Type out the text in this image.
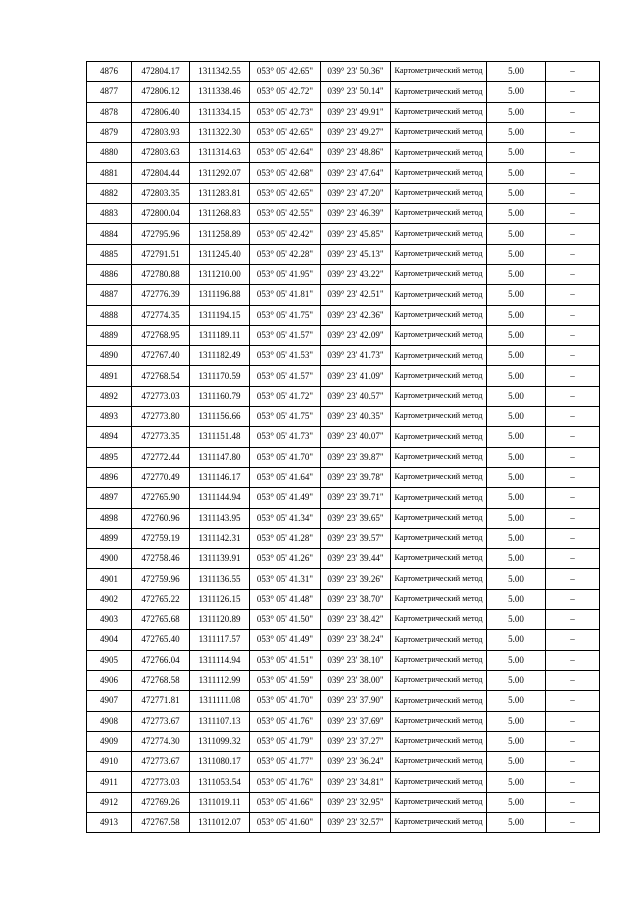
4876	472804.17	1311342.55	053° 05' 42.65"	039° 23' 50.36"	Картометрический метод	5.00	–
4877	472806.12	1311338.46	053° 05' 42.72"	039° 23' 50.14"	Картометрический метод	5.00	–
4878	472806.40	1311334.15	053° 05' 42.73"	039° 23' 49.91"	Картометрический метод	5.00	–
4879	472803.93	1311322.30	053° 05' 42.65"	039° 23' 49.27"	Картометрический метод	5.00	–
4880	472803.63	1311314.63	053° 05' 42.64"	039° 23' 48.86"	Картометрический метод	5.00	–
4881	472804.44	1311292.07	053° 05' 42.68"	039° 23' 47.64"	Картометрический метод	5.00	–
4882	472803.35	1311283.81	053° 05' 42.65"	039° 23' 47.20"	Картометрический метод	5.00	–
4883	472800.04	1311268.83	053° 05' 42.55"	039° 23' 46.39"	Картометрический метод	5.00	–
4884	472795.96	1311258.89	053° 05' 42.42"	039° 23' 45.85"	Картометрический метод	5.00	–
4885	472791.51	1311245.40	053° 05' 42.28"	039° 23' 45.13"	Картометрический метод	5.00	–
4886	472780.88	1311210.00	053° 05' 41.95"	039° 23' 43.22"	Картометрический метод	5.00	–
4887	472776.39	1311196.88	053° 05' 41.81"	039° 23' 42.51"	Картометрический метод	5.00	–
4888	472774.35	1311194.15	053° 05' 41.75"	039° 23' 42.36"	Картометрический метод	5.00	–
4889	472768.95	1311189.11	053° 05' 41.57"	039° 23' 42.09"	Картометрический метод	5.00	–
4890	472767.40	1311182.49	053° 05' 41.53"	039° 23' 41.73"	Картометрический метод	5.00	–
4891	472768.54	1311170.59	053° 05' 41.57"	039° 23' 41.09"	Картометрический метод	5.00	–
4892	472773.03	1311160.79	053° 05' 41.72"	039° 23' 40.57"	Картометрический метод	5.00	–
4893	472773.80	1311156.66	053° 05' 41.75"	039° 23' 40.35"	Картометрический метод	5.00	–
4894	472773.35	1311151.48	053° 05' 41.73"	039° 23' 40.07"	Картометрический метод	5.00	–
4895	472772.44	1311147.80	053° 05' 41.70"	039° 23' 39.87"	Картометрический метод	5.00	–
4896	472770.49	1311146.17	053° 05' 41.64"	039° 23' 39.78"	Картометрический метод	5.00	–
4897	472765.90	1311144.94	053° 05' 41.49"	039° 23' 39.71"	Картометрический метод	5.00	–
4898	472760.96	1311143.95	053° 05' 41.34"	039° 23' 39.65"	Картометрический метод	5.00	–
4899	472759.19	1311142.31	053° 05' 41.28"	039° 23' 39.57"	Картометрический метод	5.00	–
4900	472758.46	1311139.91	053° 05' 41.26"	039° 23' 39.44"	Картометрический метод	5.00	–
4901	472759.96	1311136.55	053° 05' 41.31"	039° 23' 39.26"	Картометрический метод	5.00	–
4902	472765.22	1311126.15	053° 05' 41.48"	039° 23' 38.70"	Картометрический метод	5.00	–
4903	472765.68	1311120.89	053° 05' 41.50"	039° 23' 38.42"	Картометрический метод	5.00	–
4904	472765.40	1311117.57	053° 05' 41.49"	039° 23' 38.24"	Картометрический метод	5.00	–
4905	472766.04	1311114.94	053° 05' 41.51"	039° 23' 38.10"	Картометрический метод	5.00	–
4906	472768.58	1311112.99	053° 05' 41.59"	039° 23' 38.00"	Картометрический метод	5.00	–
4907	472771.81	1311111.08	053° 05' 41.70"	039° 23' 37.90"	Картометрический метод	5.00	–
4908	472773.67	1311107.13	053° 05' 41.76"	039° 23' 37.69"	Картометрический метод	5.00	–
4909	472774.30	1311099.32	053° 05' 41.79"	039° 23' 37.27"	Картометрический метод	5.00	–
4910	472773.67	1311080.17	053° 05' 41.77"	039° 23' 36.24"	Картометрический метод	5.00	–
4911	472773.03	1311053.54	053° 05' 41.76"	039° 23' 34.81"	Картометрический метод	5.00	–
4912	472769.26	1311019.11	053° 05' 41.66"	039° 23' 32.95"	Картометрический метод	5.00	–
4913	472767.58	1311012.07	053° 05' 41.60"	039° 23' 32.57"	Картометрический метод	5.00	–
